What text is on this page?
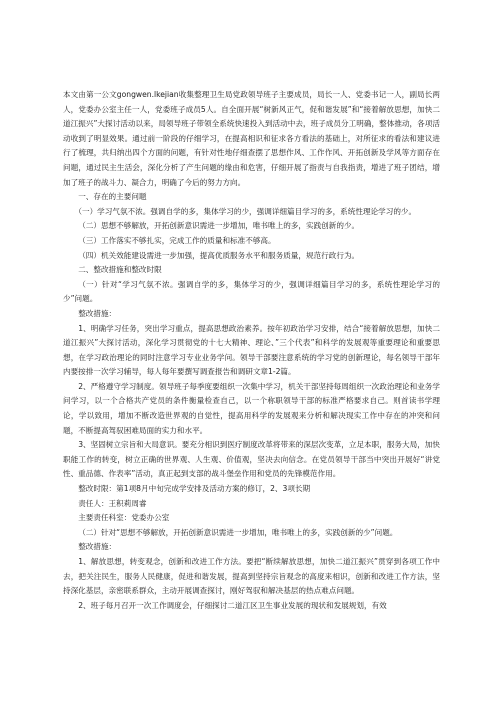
本文由第一公文gongwen.lkejian收集整理卫生局党政领导班子主要成员，局长一人、党委书记一人，副局长两人，党委办公室主任一人，党委班子成员5人。自全面开展“树新风正气，促和谐发展”和“接着解放思想，加快二道江振兴”大探讨活动以来，局领导班子带领全系统快速投入到活动中去，班子成员分工明确，整体推动，各项活动收到了明显效果。通过前一阶段的仔细学习，在提高相识和征求各方看法的基础上，对所征求的看法和建议进行了梳理，共归纳出四个方面的问题，有针对性地仔细查摆了思想作风、工作作风、开拓创新及学风等方面存在问题，通过民主生活会，深化分析了产生问题的缘由和危害，仔细开展了指责与自我指责，增进了班子团结，增加了班子的战斗力、凝合力，明确了今后的努力方向。

一、存在的主要问题

（一）学习气氛不浓。强调自学的多，集体学习的少，强调详细篇目学习的多，系统性理论学习的少。

（二）思想不够解放，开拓创新意识需进一步增加，唯书唯上的多，实践创新的少。

（三）工作落实不够扎实，完成工作的质量和标准不够高。

（四）机关效能建设需进一步加强，提高优质服务水平和服务质量，规范行政行为。

二、整改措施和整改时限

（一）针对“学习气氛不浓。强调自学的多，集体学习的少，强调详细篇目学习的多，系统性理论学习的少”问题。

整改措施：

1、明确学习任务，突出学习重点，提高思想政治素养。按年初政治学习安排，结合“接着解放思想，加快二道江振兴”大探讨活动，深化学习贯彻党的十七大精神、理论、”三个代表”和科学的发展观等重要理论和重要思想，在学习政治理论的同时注意学习专业业务学问。领导干部要注意系统的学习党的创新理论，每名领导干部年内要按排一次学习辅导，每人每年要撰写调查报告和调研文章1-2篇。

2、严格遵守学习制度。领导班子每季度要组织一次集中学习，机关干部坚持每周组织一次政治理论和业务学问学习，以一个合格共产党员的条件衡量检查自己，以一个称职领导干部的标准严格要求自己。则首读书学理论，学以致用，增加不断改造世界观的自觉性，提高用科学的发展观来分析和解决现实工作中存在的冲突和问题，不断提高驾驭困难局面的实力和水平。

3、坚固树立宗旨和大局意识。要充分相识到医疗制度改革将带来的深层次变革，立足本职，服务大局，加快职能工作的转变，树立正确的世界观、人生观、价值观，坚决去向信念。在党员领导干部当中突出开展好“讲党性、重品德、作表率”活动，真正起到支部的战斗堡垒作用和党员的先锋模范作用。

整改时限：第1项8月中旬完成学安排及活动方案的修订，2、3项长期

责任人：王积莉周睿

主要责任科室：党委办公室

（二）针对“思想不够解放，开拓创新意识需进一步增加，唯书唯上的多，实践创新的少”问题。

整改措施：

1、解放思想，转变观念，创新和改进工作方法。要把“断续解放思想，加快二道江振兴”贯穿到各项工作中去，把关注民生，服务人民健康，促进和谐发展，提高到坚持宗旨观念的高度来相识，创新和改进工作方法，坚持深化基层，亲密联系群众，主动开展调查探讨，刚好驾驭和解决基层的热点难点问题。

2、班子每月召开一次工作调度会，仔细探讨二道江区卫生事业发展的现状和发展规划，有效
